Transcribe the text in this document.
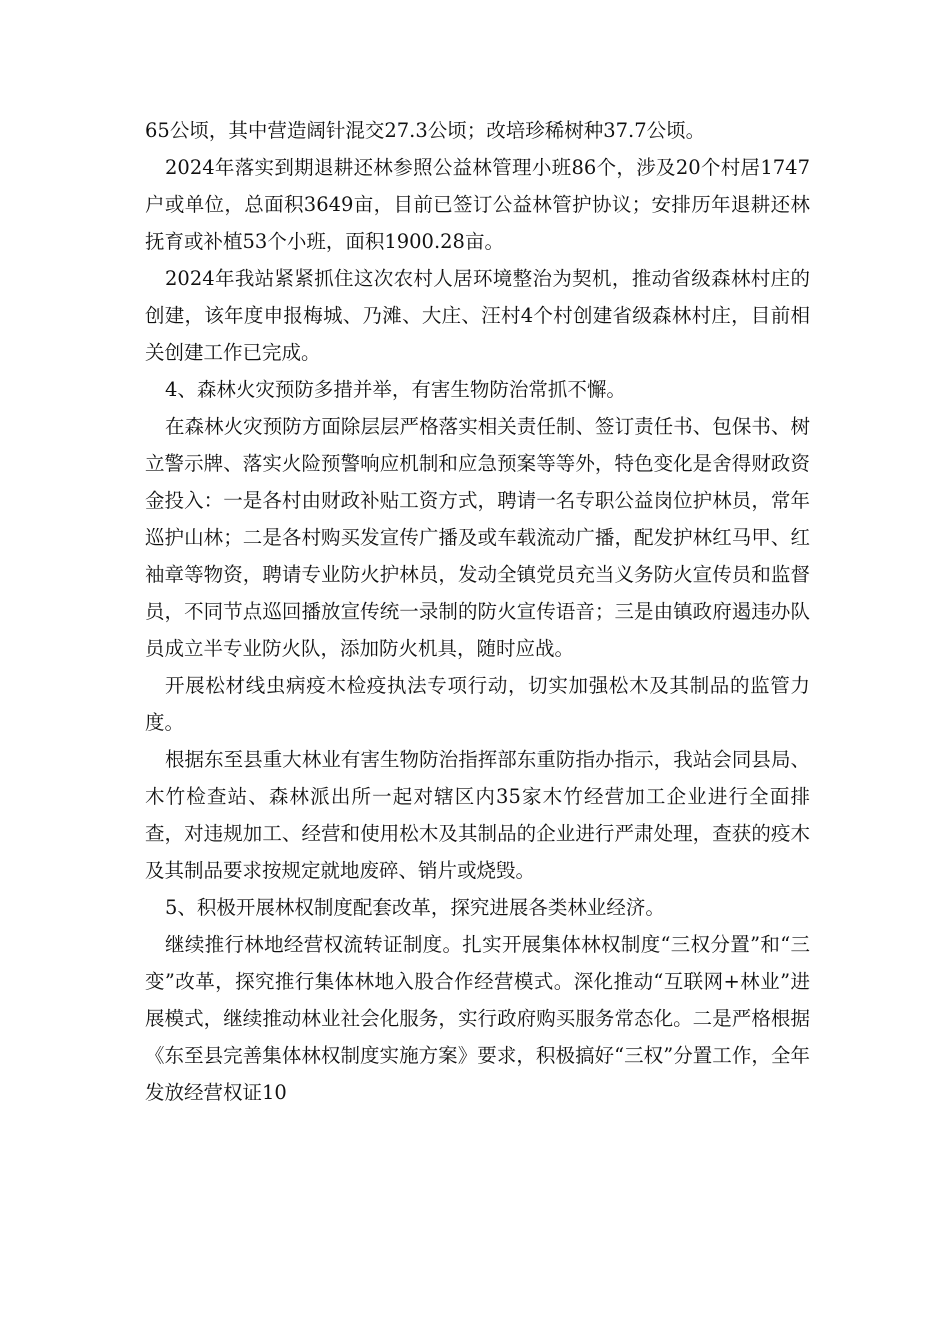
65公顷，其中营造阔针混交27.3公顷；改培珍稀树种37.7公顷。

2024年落实到期退耕还林参照公益林管理小班86个，涉及20个村居1747户或单位，总面积3649亩，目前已签订公益林管护协议；安排历年退耕还林抚育或补植53个小班，面积1900.28亩。

2024年我站紧紧抓住这次农村人居环境整治为契机，推动省级森林村庄的创建，该年度申报梅城、乃滩、大庄、汪村4个村创建省级森林村庄，目前相关创建工作已完成。

4、森林火灾预防多措并举，有害生物防治常抓不懈。

在森林火灾预防方面除层层严格落实相关责任制、签订责任书、包保书、树立警示牌、落实火险预警响应机制和应急预案等等外，特色变化是舍得财政资金投入：一是各村由财政补贴工资方式，聘请一名专职公益岗位护林员，常年巡护山林；二是各村购买发宣传广播及或车载流动广播，配发护林红马甲、红袖章等物资，聘请专业防火护林员，发动全镇党员充当义务防火宣传员和监督员，不同节点巡回播放宣传统一录制的防火宣传语音；三是由镇政府遏违办队员成立半专业防火队，添加防火机具，随时应战。

开展松材线虫病疫木检疫执法专项行动，切实加强松木及其制品的监管力度。

根据东至县重大林业有害生物防治指挥部东重防指办指示，我站会同县局、木竹检查站、森林派出所一起对辖区内35家木竹经营加工企业进行全面排查，对违规加工、经营和使用松木及其制品的企业进行严肃处理，查获的疫木及其制品要求按规定就地废碎、销片或烧毁。

5、积极开展林权制度配套改革，探究进展各类林业经济。

继续推行林地经营权流转证制度。扎实开展集体林权制度“三权分置”和“三变”改革，探究推行集体林地入股合作经营模式。深化推动“互联网+林业”进展模式，继续推动林业社会化服务，实行政府购买服务常态化。二是严格根据《东至县完善集体林权制度实施方案》要求，积极搞好“三权”分置工作，全年发放经营权证10
